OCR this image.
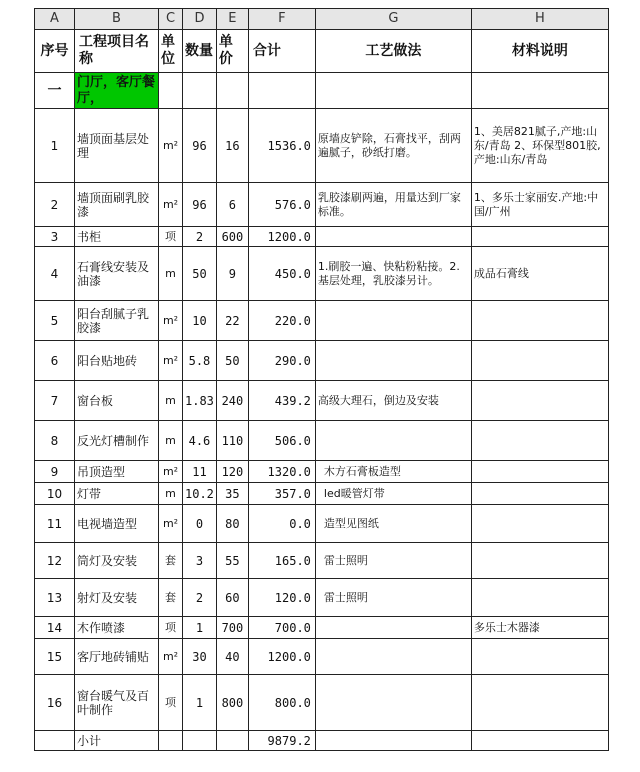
A	B	C	D	E	F	G	H
序号	工程项目名称	单位	数量	单价	合计	工艺做法	材料说明
一	门厅，客厅餐厅，						
1	墙顶面基层处理	m²	96	16	1536.0	原墙皮铲除，石膏找平，刮两遍腻子，砂纸打磨。	1、美居821腻子,产地:山东/青岛 2、环保型801胶,产地:山东/青岛
2	墙顶面刷乳胶漆	m²	96	6	576.0	乳胶漆刷两遍，用量达到厂家标准。	1、多乐士家丽安.产地:中国/广州
3	书柜	项	2	600	1200.0		
4	石膏线安装及油漆	m	50	9	450.0	1.刷胶一遍、快粘粉粘接。2.基层处理，乳胶漆另计。	成品石膏线
5	阳台刮腻子乳胶漆	m²	10	22	220.0		
6	阳台贴地砖	m²	5.8	50	290.0		
7	窗台板	m	1.83	240	439.2	高级大理石，倒边及安装	
8	反光灯槽制作	m	4.6	110	506.0		
9	吊顶造型	m²	11	120	1320.0	木方石膏板造型	
10	灯带	m	10.2	35	357.0	led暖管灯带	
11	电视墙造型	m²	0	80	0.0	造型见图纸	
12	筒灯及安装	套	3	55	165.0	雷士照明	
13	射灯及安装	套	2	60	120.0	雷士照明	
14	木作喷漆	项	1	700	700.0		多乐士木器漆
15	客厅地砖铺贴	m²	30	40	1200.0		
16	窗台暖气及百叶制作	项	1	800	800.0		
	小计				9879.2		
